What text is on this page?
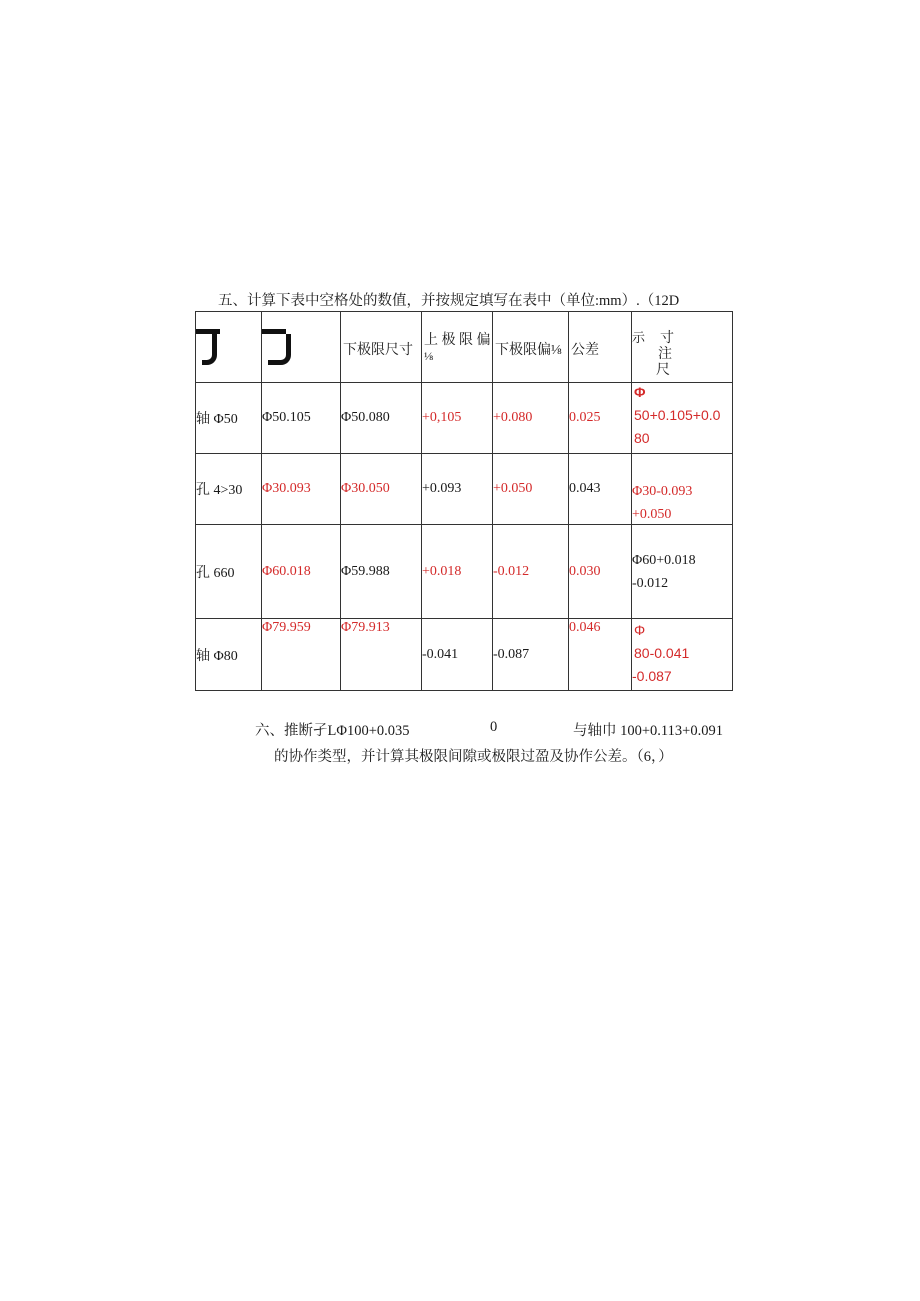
五、计算下表中空格处的数值，并按规定填写在表中（单位:mm）.（12D

		下极限尺寸	上 极 限 偏
⅛	下极限偏⅛	公差	示 寸
注
尺

轴 Φ50	Φ50.105	Φ50.080	+0,105	+0.080	0.025	Φ
50+0.105+0.0
80

孔 4>30	Φ30.093	Φ30.050	+0.093	+0.050	0.043	Φ30-0.093
+0.050

孔 660	Φ60.018	Φ59.988	+0.018	-0.012	0.030	Φ60+0.018
-0.012

轴 Φ80	Φ79.959	Φ79.913	-0.041	-0.087	0.046	Φ
80-0.041
-0.087
六、推断孑LΦ100+0.035	0	与轴巾 100+0.113+0.091
的协作类型，并计算其极限间隙或极限过盈及协作公差。（6，）
